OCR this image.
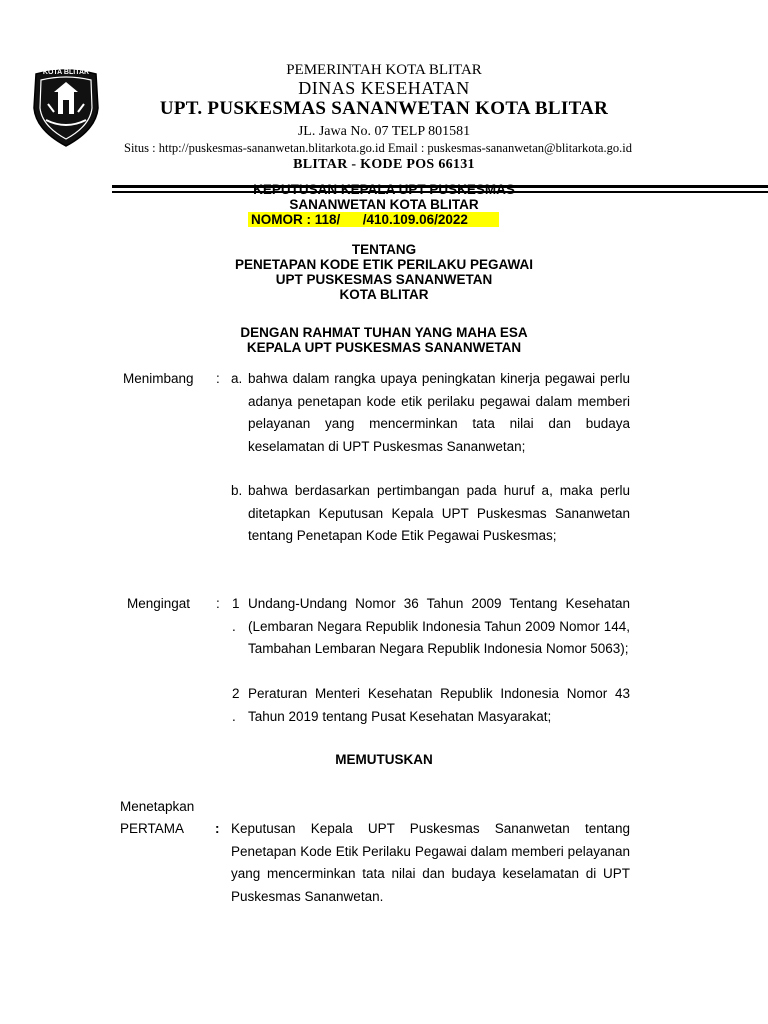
KOTA BLITAR	PEMERINTAH KOTA BLITAR
DINAS KESEHATAN
UPT. PUSKESMAS SANANWETAN KOTA BLITAR
JL. Jawa No. 07 TELP 801581
Situs : http://puskesmas-sananwetan.blitarkota.go.id Email : puskesmas-sananwetan@blitarkota.go.id
BLITAR - KODE POS 66131
KEPUTUSAN KEPALA UPT PUSKESMAS
SANANWETAN KOTA BLITAR
NOMOR : 118/      /410.109.06/2022
TENTANG
PENETAPAN KODE ETIK PERILAKU PEGAWAI
UPT PUSKESMAS SANANWETAN
KOTA BLITAR
DENGAN RAHMAT TUHAN YANG MAHA ESA
KEPALA UPT PUSKESMAS SANANWETAN
Menimbang : a. bahwa dalam rangka upaya peningkatan kinerja pegawai perlu adanya penetapan kode etik perilaku pegawai dalam memberi pelayanan yang mencerminkan tata nilai dan budaya keselamatan di UPT Puskesmas Sananwetan;
b. bahwa berdasarkan pertimbangan pada huruf a, maka perlu ditetapkan Keputusan Kepala UPT Puskesmas Sananwetan tentang Penetapan Kode Etik Pegawai Puskesmas;
Mengingat : 1 .
Undang-Undang Nomor 36 Tahun 2009 Tentang Kesehatan (Lembaran Negara Republik Indonesia Tahun 2009 Nomor 144, Tambahan Lembaran Negara Republik Indonesia Nomor 5063);
2 .
Peraturan Menteri Kesehatan Republik Indonesia Nomor 43 Tahun 2019 tentang Pusat Kesehatan Masyarakat;
MEMUTUSKAN
Menetapkan
PERTAMA : Keputusan Kepala UPT Puskesmas Sananwetan tentang Penetapan Kode Etik Perilaku Pegawai dalam memberi pelayanan yang mencerminkan tata nilai dan budaya keselamatan di UPT Puskesmas Sananwetan.
